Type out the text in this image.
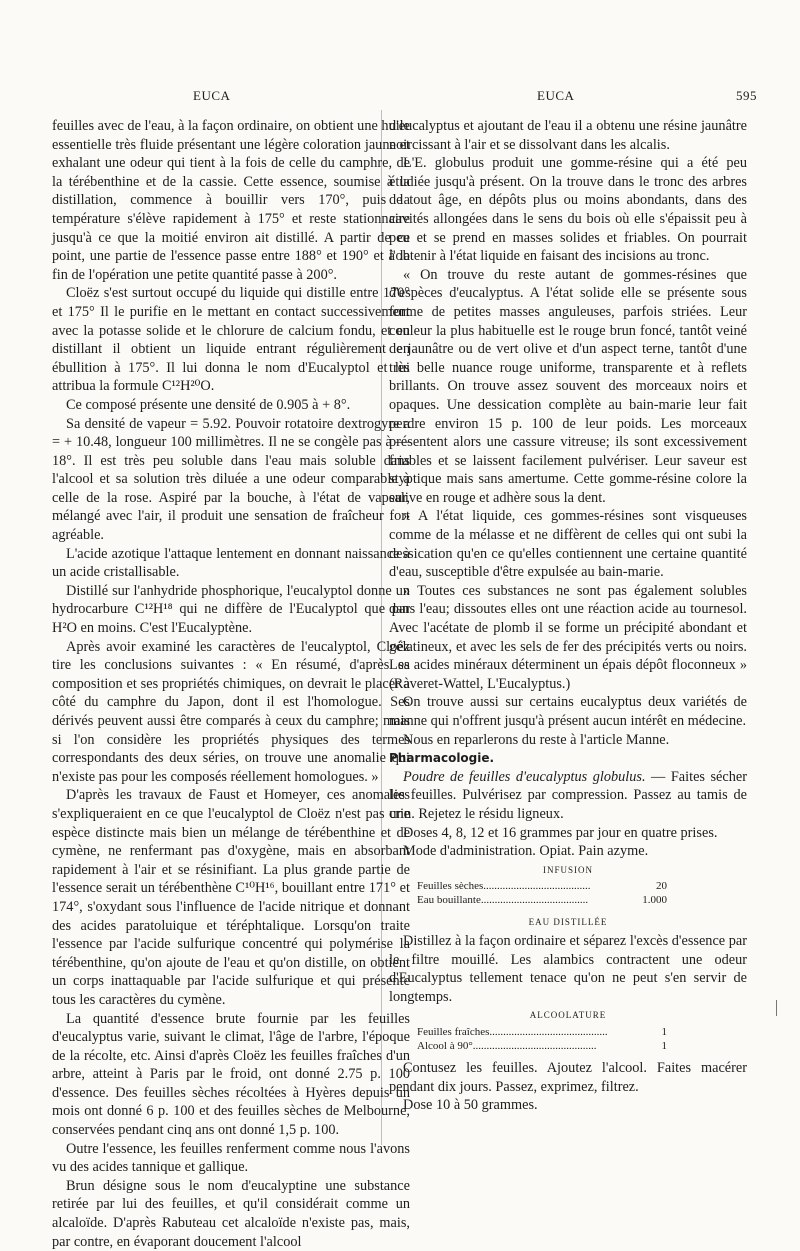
EUCA	EUCA	595

feuilles avec de l'eau, à la façon ordinaire, on obtient une huile essentielle très fluide présentant une légère coloration jaune et exhalant une odeur qui tient à la fois de celle du camphre, de la térébenthine et de la cassie. Cette essence, soumise à la distillation, commence à bouillir vers 170°, puis la température s'élève rapidement à 175° et reste stationnaire jusqu'à ce que la moitié environ ait distillé. A partir de ce point, une partie de l'essence passe entre 188° et 190° et à la fin de l'opération une petite quantité passe à 200°.

Cloëz s'est surtout occupé du liquide qui distille entre 170° et 175° Il le purifie en le mettant en contact successivement avec la potasse solide et le chlorure de calcium fondu, et en distillant il obtient un liquide entrant régulièrement en ébullition à 175°. Il lui donna le nom d'Eucalyptol et lui attribua la formule C¹²H²⁰O.

Ce composé présente une densité de 0.905 à + 8°.

Sa densité de vapeur = 5.92. Pouvoir rotatoire dextrogyre a = + 10.48, longueur 100 millimètres. Il ne se congèle pas à — 18°. Il est très peu soluble dans l'eau mais soluble dans l'alcool et sa solution très diluée a une odeur comparable à celle de la rose. Aspiré par la bouche, à l'état de vapeur, mélangé avec l'air, il produit une sensation de fraîcheur fort agréable.

L'acide azotique l'attaque lentement en donnant naissance à un acide cristallisable.

Distillé sur l'anhydride phosphorique, l'eucalyptol donne un hydrocarbure C¹²H¹⁸ qui ne diffère de l'Eucalyptol que par H²O en moins. C'est l'Eucalyptène.

Après avoir examiné les caractères de l'eucalyptol, Cloëz tire les conclusions suivantes : « En résumé, d'après sa composition et ses propriétés chimiques, on devrait le placer à côté du camphre du Japon, dont il est l'homologue. Ses dérivés peuvent aussi être comparés à ceux du camphre; mais si l'on considère les propriétés physiques des termes correspondants des deux séries, on trouve une anomalie qui n'existe pas pour les composés réellement homologues. »

D'après les travaux de Faust et Homeyer, ces anomalies s'expliqueraient en ce que l'eucalyptol de Cloëz n'est pas une espèce distincte mais bien un mélange de térébenthine et de cymène, ne renfermant pas d'oxygène, mais en absorbant rapidement à l'air et se résinifiant. La plus grande partie de l'essence serait un térébenthène C¹⁰H¹⁶, bouillant entre 171° et 174°, s'oxydant sous l'influence de l'acide nitrique et donnant des acides paratoluique et téréphtalique. Lorsqu'on traite l'essence par l'acide sulfurique concentré qui polymérise la térébenthine, qu'on ajoute de l'eau et qu'on distille, on obtient un corps inattaquable par l'acide sulfurique et qui présente tous les caractères du cymène.

La quantité d'essence brute fournie par les feuilles d'eucalyptus varie, suivant le climat, l'âge de l'arbre, l'époque de la récolte, etc. Ainsi d'après Cloëz les feuilles fraîches d'un arbre, atteint à Paris par le froid, ont donné 2.75 p. 100 d'essence. Des feuilles sèches récoltées à Hyères depuis un mois ont donné 6 p. 100 et des feuilles sèches de Melbourne, conservées pendant cinq ans ont donné 1,5 p. 100.

Outre l'essence, les feuilles renferment comme nous l'avons vu des acides tannique et gallique.

Brun désigne sous le nom d'eucalyptine une substance retirée par lui des feuilles, et qu'il considérait comme un alcaloïde. D'après Rabuteau cet alcaloïde n'existe pas, mais, par contre, en évaporant doucement l'alcool

d'eucalyptus et ajoutant de l'eau il a obtenu une résine jaunâtre noircissant à l'air et se dissolvant dans les alcalis.

L'E. globulus produit une gomme-résine qui a été peu étudiée jusqu'à présent. On la trouve dans le tronc des arbres de tout âge, en dépôts plus ou moins abondants, dans des cavités allongées dans le sens du bois où elle s'épaissit peu à peu et se prend en masses solides et friables. On pourrait l'obtenir à l'état liquide en faisant des incisions au tronc.

« On trouve du reste autant de gommes-résines que d'espèces d'eucalyptus. A l'état solide elle se présente sous forme de petites masses anguleuses, parfois striées. Leur couleur la plus habituelle est le rouge brun foncé, tantôt veiné de jaunâtre ou de vert olive et d'un aspect terne, tantôt d'une très belle nuance rouge uniforme, transparente et à reflets brillants. On trouve assez souvent des morceaux noirs et opaques. Une dessication complète au bain-marie leur fait perdre environ 15 p. 100 de leur poids. Les morceaux présentent alors une cassure vitreuse; ils sont excessivement friables et se laissent facilement pulvériser. Leur saveur est styptique mais sans amertume. Cette gomme-résine colore la salive en rouge et adhère sous la dent.

» A l'état liquide, ces gommes-résines sont visqueuses comme de la mélasse et ne diffèrent de celles qui ont subi la dessication qu'en ce qu'elles contiennent une certaine quantité d'eau, susceptible d'être expulsée au bain-marie.

» Toutes ces substances ne sont pas également solubles dans l'eau; dissoutes elles ont une réaction acide au tournesol. Avec l'acétate de plomb il se forme un précipité abondant et gélatineux, et avec les sels de fer des précipités verts ou noirs. Les acides minéraux déterminent un épais dépôt floconneux » (Raveret-Wattel, L'Eucalyptus.)

On trouve aussi sur certains eucalyptus deux variétés de manne qui n'offrent jusqu'à présent aucun intérêt en médecine.

Nous en reparlerons du reste à l'article Manne.

Pharmacologie.

Poudre de feuilles d'eucalyptus globulus. — Faites sécher les feuilles. Pulvérisez par compression. Passez au tamis de crin. Rejetez le résidu ligneux.

Doses 4, 8, 12 et 16 grammes par jour en quatre prises.

Mode d'administration. Opiat. Pain azyme.

INFUSION

Feuilles sèches.......................................	20
Eau bouillante.......................................	1.000

EAU DISTILLÉE

Distillez à la façon ordinaire et séparez l'excès d'essence par le filtre mouillé. Les alambics contractent une odeur d'Eucalyptus tellement tenace qu'on ne peut s'en servir de longtemps.

ALCOOLATURE

Feuilles fraîches...........................................	1
Alcool à 90°.............................................	1

Contusez les feuilles. Ajoutez l'alcool. Faites macérer pendant dix jours. Passez, exprimez, filtrez.

Dose 10 à 50 grammes.
